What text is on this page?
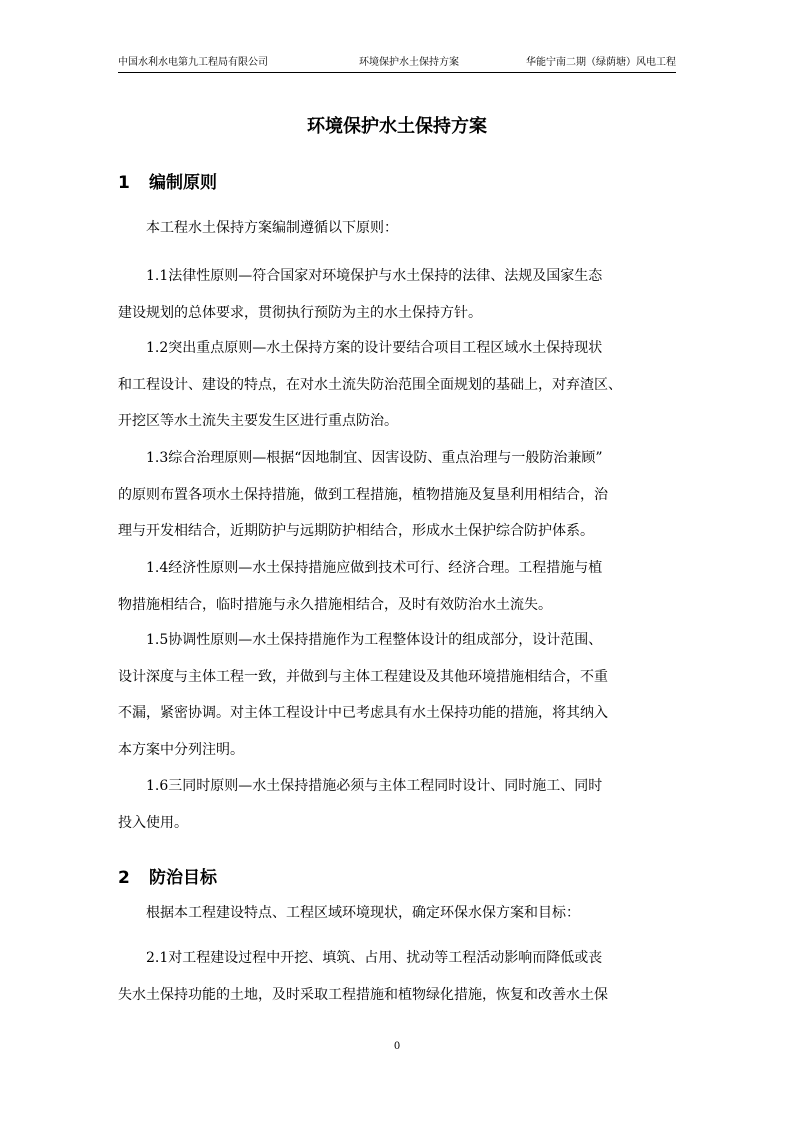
中国水利水电第九工程局有限公司	环境保护水土保持方案	华能宁南二期（绿荫塘）风电工程
环境保护水土保持方案
1 编制原则
本工程水土保持方案编制遵循以下原则：
1.1法律性原则—符合国家对环境保护与水土保持的法律、法规及国家生态
建设规划的总体要求，贯彻执行预防为主的水土保持方针。
1.2突出重点原则—水土保持方案的设计要结合项目工程区域水土保持现状
和工程设计、建设的特点，在对水土流失防治范围全面规划的基础上，对弃渣区、
开挖区等水土流失主要发生区进行重点防治。
1.3综合治理原则—根据“因地制宜、因害设防、重点治理与一般防治兼顾”
的原则布置各项水土保持措施，做到工程措施，植物措施及复垦利用相结合，治
理与开发相结合，近期防护与远期防护相结合，形成水土保护综合防护体系。
1.4经济性原则—水土保持措施应做到技术可行、经济合理。工程措施与植
物措施相结合，临时措施与永久措施相结合，及时有效防治水土流失。
1.5协调性原则—水土保持措施作为工程整体设计的组成部分，设计范围、
设计深度与主体工程一致，并做到与主体工程建设及其他环境措施相结合，不重
不漏，紧密协调。对主体工程设计中已考虑具有水土保持功能的措施，将其纳入
本方案中分列注明。
1.6三同时原则—水土保持措施必须与主体工程同时设计、同时施工、同时
投入使用。
2 防治目标
根据本工程建设特点、工程区域环境现状，确定环保水保方案和目标：
2.1对工程建设过程中开挖、填筑、占用、扰动等工程活动影响而降低或丧
失水土保持功能的土地，及时采取工程措施和植物绿化措施，恢复和改善水土保
0
